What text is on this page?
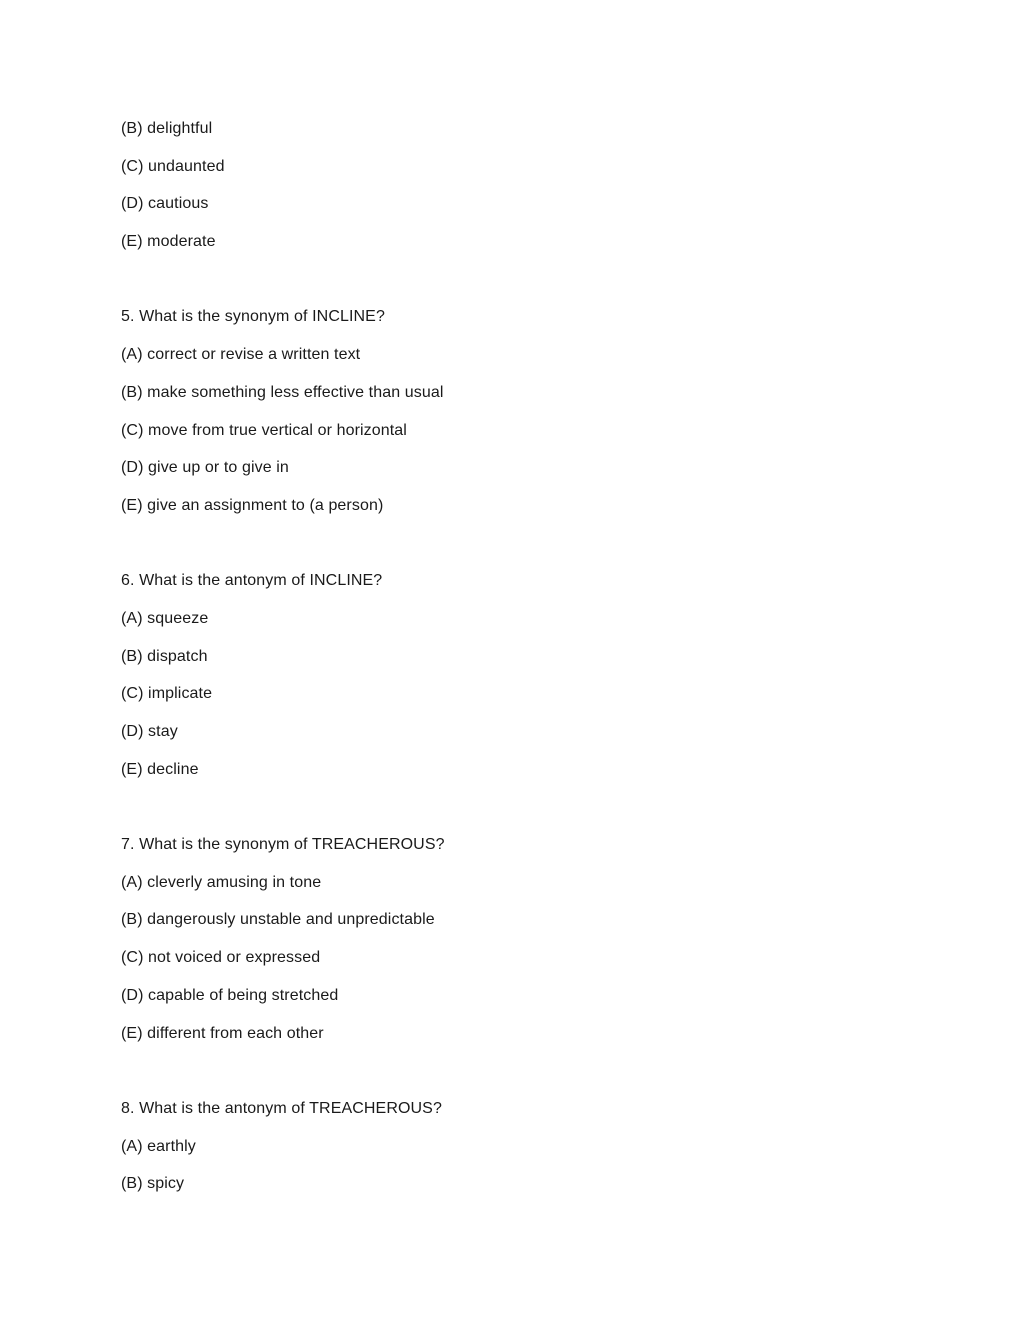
(B) delightful
(C) undaunted
(D) cautious
(E) moderate
5. What is the synonym of INCLINE?
(A) correct or revise a written text
(B) make something less effective than usual
(C) move from true vertical or horizontal
(D) give up or to give in
(E) give an assignment to (a person)
6. What is the antonym of INCLINE?
(A) squeeze
(B) dispatch
(C) implicate
(D) stay
(E) decline
7. What is the synonym of TREACHEROUS?
(A) cleverly amusing in tone
(B) dangerously unstable and unpredictable
(C) not voiced or expressed
(D) capable of being stretched
(E) different from each other
8. What is the antonym of TREACHEROUS?
(A) earthly
(B) spicy
